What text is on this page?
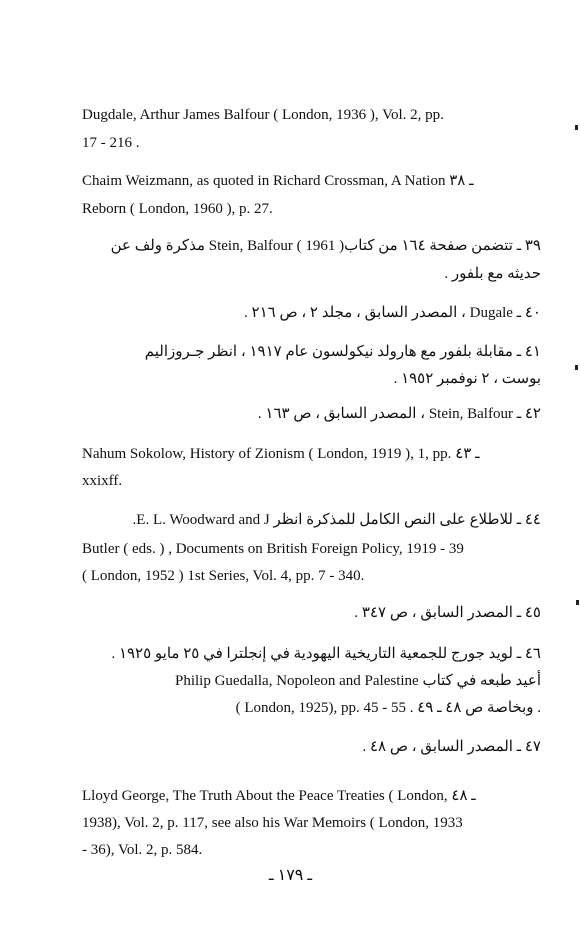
Dugdale, Arthur James Balfour ( London, 1936 ), Vol. 2, pp.
17 - 216 .
Chaim Weizmann, as quoted in Richard Crossman, A Nation ـ ٣٨
Reborn ( London, 1960 ), p. 27.
٣٩ ـ تتضمن صفحة ١٦٤ من كتاب( Stein, Balfour ( 1961 مذكرة ولف عن
حديثه مع بلفور .
٤٠ ـ Dugale ، المصدر السابق ، مجلد ٢ ، ص ٢١٦ .
٤١ ـ مقابلة بلفور مع هارولد نيكولسون عام ١٩١٧ ، انظر جـروزاليم
بوست ، ٢ نوفمبر ١٩٥٢ .
٤٢ ـ Stein, Balfour ، المصدر السابق ، ص ١٦٣ .
Nahum Sokolow, History of Zionism ( London, 1919 ), 1, pp. ـ ٤٣
xxixff.
٤٤ ـ للاطلاع على النص الكامل للمذكرة انظر E. L. Woodward and J.
Butler ( eds. ) , Documents on British Foreign Policy, 1919 - 39
( London, 1952 ) 1st Series, Vol. 4, pp. 7 - 340.
٤٥ ـ المصدر السابق ، ص ٣٤٧ .
٤٦ ـ لويد جورج للجمعية التاريخية اليهودية في إنجلترا في ٢٥ مايو ١٩٢٥ .
أعيد طبعه في كتاب Philip Guedalla, Nopoleon and Palestine
( London, 1925), pp. 45 - 55 . وبخاصة ص ٤٨ ـ ٤٩ .
٤٧ ـ المصدر السابق ، ص ٤٨ .
Lloyd George, The Truth About the Peace Treaties ( London, ـ ٤٨
1938), Vol. 2, p. 117, see also his War Memoirs ( London, 1933
- 36), Vol. 2, p. 584.
ـ ١٧٩ ـ
